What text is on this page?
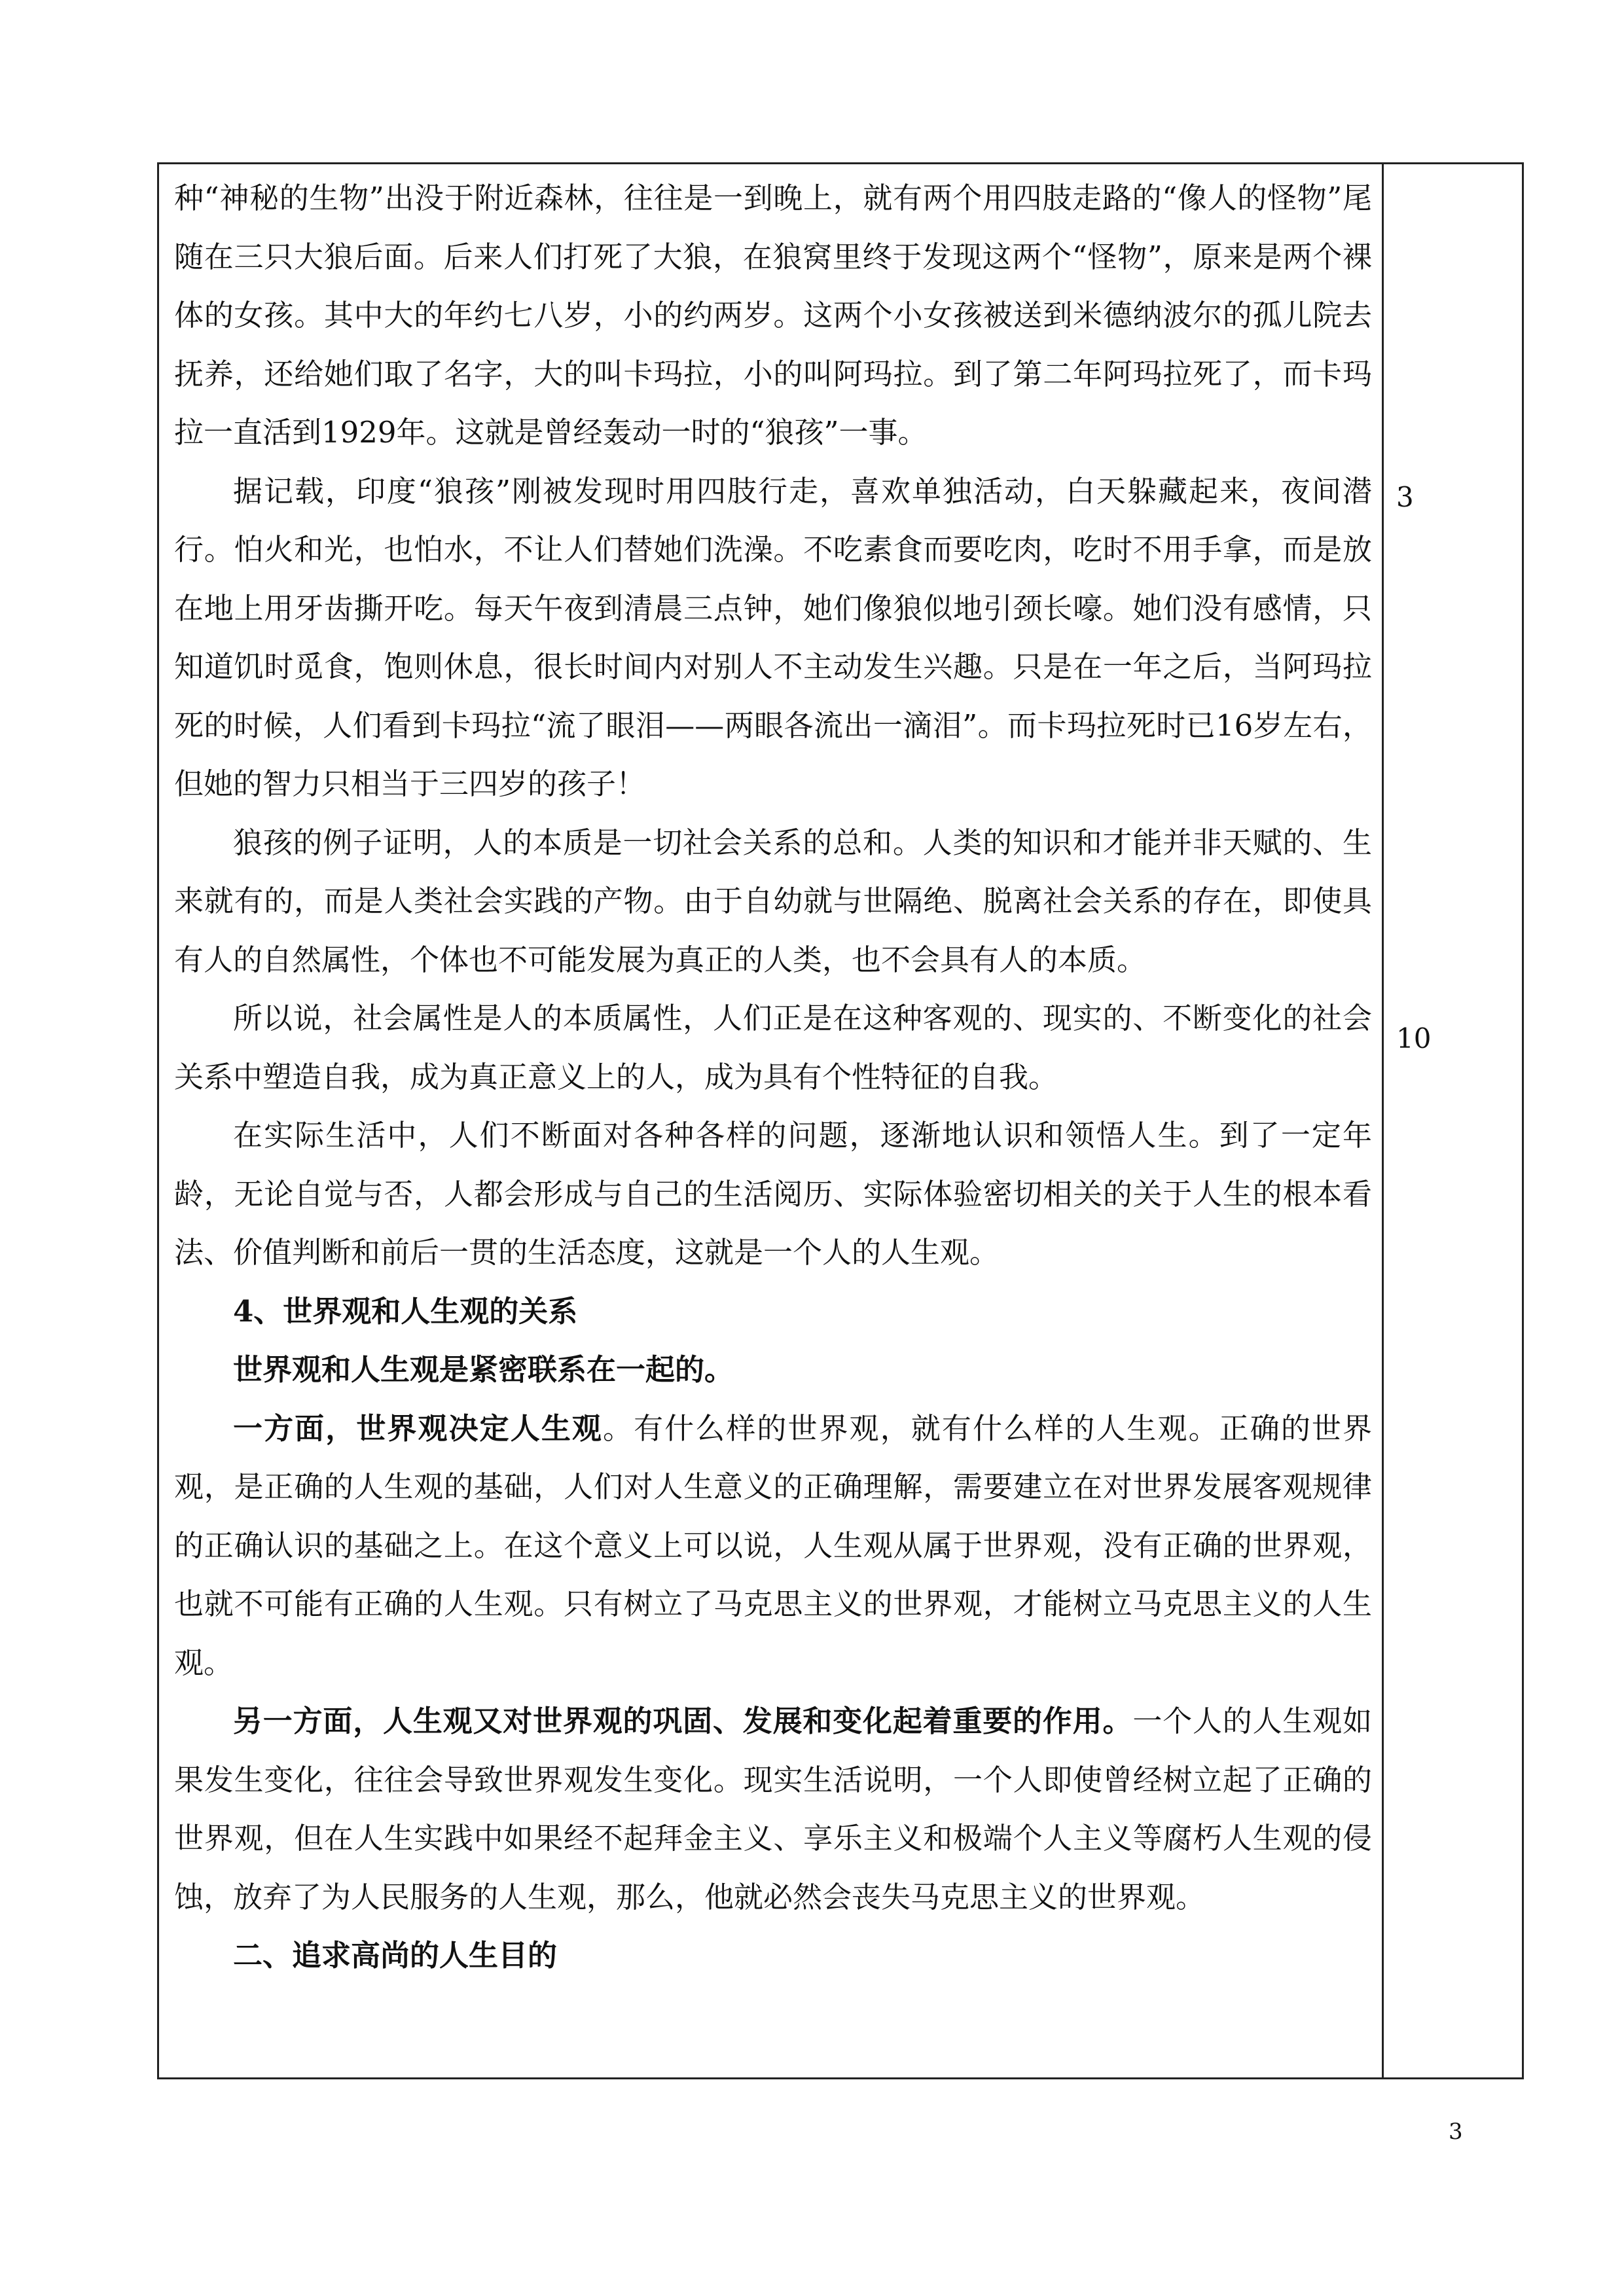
种“神秘的生物”出没于附近森林，往往是一到晚上，就有两个用四肢走路的“像人的怪物”尾随在三只大狼后面。后来人们打死了大狼，在狼窝里终于发现这两个“怪物”，原来是两个裸体的女孩。其中大的年约七八岁，小的约两岁。这两个小女孩被送到米德纳波尔的孤儿院去抚养，还给她们取了名字，大的叫卡玛拉，小的叫阿玛拉。到了第二年阿玛拉死了，而卡玛拉一直活到1929年。这就是曾经轰动一时的“狼孩”一事。

据记载，印度“狼孩”刚被发现时用四肢行走，喜欢单独活动，白天躲藏起来，夜间潜行。怕火和光，也怕水，不让人们替她们洗澡。不吃素食而要吃肉，吃时不用手拿，而是放在地上用牙齿撕开吃。每天午夜到清晨三点钟，她们像狼似地引颈长嚎。她们没有感情，只知道饥时觅食，饱则休息，很长时间内对别人不主动发生兴趣。只是在一年之后，当阿玛拉死的时候，人们看到卡玛拉“流了眼泪——两眼各流出一滴泪”。而卡玛拉死时已16岁左右，但她的智力只相当于三四岁的孩子！

狼孩的例子证明，人的本质是一切社会关系的总和。人类的知识和才能并非天赋的、生来就有的，而是人类社会实践的产物。由于自幼就与世隔绝、脱离社会关系的存在，即使具有人的自然属性，个体也不可能发展为真正的人类，也不会具有人的本质。

所以说，社会属性是人的本质属性，人们正是在这种客观的、现实的、不断变化的社会关系中塑造自我，成为真正意义上的人，成为具有个性特征的自我。

在实际生活中，人们不断面对各种各样的问题，逐渐地认识和领悟人生。到了一定年龄，无论自觉与否，人都会形成与自己的生活阅历、实际体验密切相关的关于人生的根本看法、价值判断和前后一贯的生活态度，这就是一个人的人生观。

4、世界观和人生观的关系

世界观和人生观是紧密联系在一起的。

一方面，世界观决定人生观。有什么样的世界观，就有什么样的人生观。正确的世界观，是正确的人生观的基础，人们对人生意义的正确理解，需要建立在对世界发展客观规律的正确认识的基础之上。在这个意义上可以说，人生观从属于世界观，没有正确的世界观，也就不可能有正确的人生观。只有树立了马克思主义的世界观，才能树立马克思主义的人生观。

另一方面，人生观又对世界观的巩固、发展和变化起着重要的作用。一个人的人生观如果发生变化，往往会导致世界观发生变化。现实生活说明，一个人即使曾经树立起了正确的世界观，但在人生实践中如果经不起拜金主义、享乐主义和极端个人主义等腐朽人生观的侵蚀，放弃了为人民服务的人生观，那么，他就必然会丧失马克思主义的世界观。

二、追求高尚的人生目的

3
10
3
